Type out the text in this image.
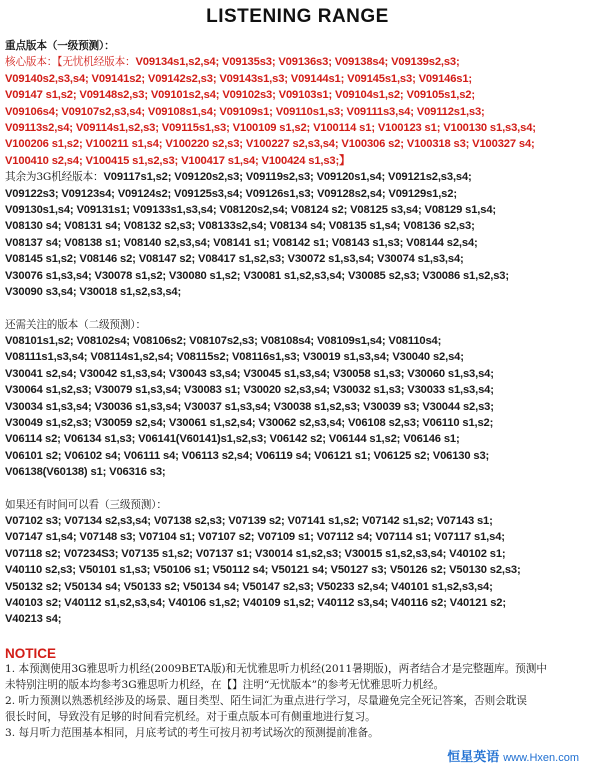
LISTENING RANGE
重点版本（一级预测）：
核心版本：【无忧机经版本：V09134s1,s2,s4; V09135s3; V09136s3; V09138s4; V09139s2,s3;
V09140s2,s3,s4; V09141s2; V09142s2,s3; V09143s1,s3; V09144s1; V09145s1,s3; V09146s1;
V09147 s1,s2; V09148s2,s3; V09101s2,s4; V09102s3; V09103s1; V09104s1,s2; V09105s1,s2;
V09106s4; V09107s2,s3,s4; V09108s1,s4; V09109s1; V09110s1,s3; V09111s3,s4; V09112s1,s3;
V09113s2,s4; V09114s1,s2,s3; V09115s1,s3; V100109 s1,s2; V100114 s1; V100123 s1; V100130 s1,s3,s4;
V100206 s1,s2; V100211 s1,s4; V100220 s2,s3; V100227 s2,s3,s4; V100306 s2; V100318 s3; V100327 s4;
V100410 s2,s4; V100415 s1,s2,s3; V100417 s1,s4; V100424 s1,s3;】
其余为3G机经版本：V09117s1,s2; V09120s2,s3; V09119s2,s3; V09120s1,s4; V09121s2,s3,s4;
V09122s3; V09123s4; V09124s2; V09125s3,s4; V09126s1,s3; V09128s2,s4; V09129s1,s2;
V09130s1,s4; V09131s1; V09133s1,s3,s4; V08120s2,s4; V08124 s2; V08125 s3,s4; V08129 s1,s4;
V08130 s4; V08131 s4; V08132 s2,s3; V08133s2,s4; V08134 s4; V08135 s1,s4; V08136 s2,s3;
V08137 s4; V08138 s1; V08140 s2,s3,s4; V08141 s1; V08142 s1; V08143 s1,s3; V08144 s2,s4;
V08145 s1,s2; V08146 s2; V08147 s2; V08417 s1,s2,s3; V30072 s1,s3,s4; V30074 s1,s3,s4;
V30076 s1,s3,s4; V30078 s1,s2; V30080 s1,s2; V30081 s1,s2,s3,s4; V30085 s2,s3; V30086 s1,s2,s3;
V30090 s3,s4; V30018 s1,s2,s3,s4;
还需关注的版本（二级预测）：
V08101s1,s2; V08102s4; V08106s2; V08107s2,s3; V08108s4; V08109s1,s4; V08110s4;
V08111s1,s3,s4; V08114s1,s2,s4; V08115s2; V08116s1,s3; V30019 s1,s3,s4; V30040 s2,s4;
V30041 s2,s4; V30042 s1,s3,s4; V30043 s3,s4; V30045 s1,s3,s4; V30058 s1,s3; V30060 s1,s3,s4;
V30064 s1,s2,s3; V30079 s1,s3,s4; V30083 s1; V30020 s2,s3,s4; V30032 s1,s3; V30033 s1,s3,s4;
V30034 s1,s3,s4; V30036 s1,s3,s4; V30037 s1,s3,s4; V30038 s1,s2,s3; V30039 s3; V30044 s2,s3;
V30049 s1,s2,s3; V30059 s2,s4; V30061 s1,s2,s4; V30062 s2,s3,s4; V06108 s2,s3; V06110 s1,s2;
V06114 s2; V06134 s1,s3; V06141(V60141)s1,s2,s3; V06142 s2; V06144 s1,s2; V06146 s1;
V06101 s2; V06102 s4; V06111 s4; V06113 s2,s4; V06119 s4; V06121 s1; V06125 s2; V06130 s3;
V06138(V60138) s1; V06316 s3;
如果还有时间可以看（三级预测）：
V07102 s3; V07134 s2,s3,s4; V07138 s2,s3; V07139 s2; V07141 s1,s2; V07142 s1,s2; V07143 s1;
V07147 s1,s4; V07148 s3; V07104 s1; V07107 s2; V07109 s1; V07112 s4; V07114 s1; V07117 s1,s4;
V07118 s2; V07234S3; V07135 s1,s2; V07137 s1; V30014 s1,s2,s3; V30015 s1,s2,s3,s4; V40102 s1;
V40110 s2,s3; V50101 s1,s3; V50106 s1; V50112 s4; V50121 s4; V50127 s3; V50126 s2; V50130 s2,s3;
V50132 s2; V50134 s4; V50133 s2; V50134 s4; V50147 s2,s3; V50233 s2,s4; V40101 s1,s2,s3,s4;
V40103 s2; V40112 s1,s2,s3,s4; V40106 s1,s2; V40109 s1,s2; V40112 s3,s4; V40116 s2; V40121 s2;
V40213 s4;
NOTICE
1. 本预测使用3G雅思听力机经(2009BETA版)和无忧雅思听力机经(2011暑期版)，两者结合才是完整题库。预测中
未特别注明的版本均参考3G雅思听力机经，在【】注明“无忧版本”的参考无忧雅思听力机经。
2. 听力预测以熟悉机经涉及的场景、题目类型、陌生词汇为重点进行学习，尽量避免完全死记答案，否则会耽误
很长时间，导致没有足够的时间看完机经。对于重点版本可有侧重地进行复习。
3. 每月听力范围基本相同，月底考试的考生可按月初考试场次的预测提前准备。
恒星英语 www.Hxen.com
